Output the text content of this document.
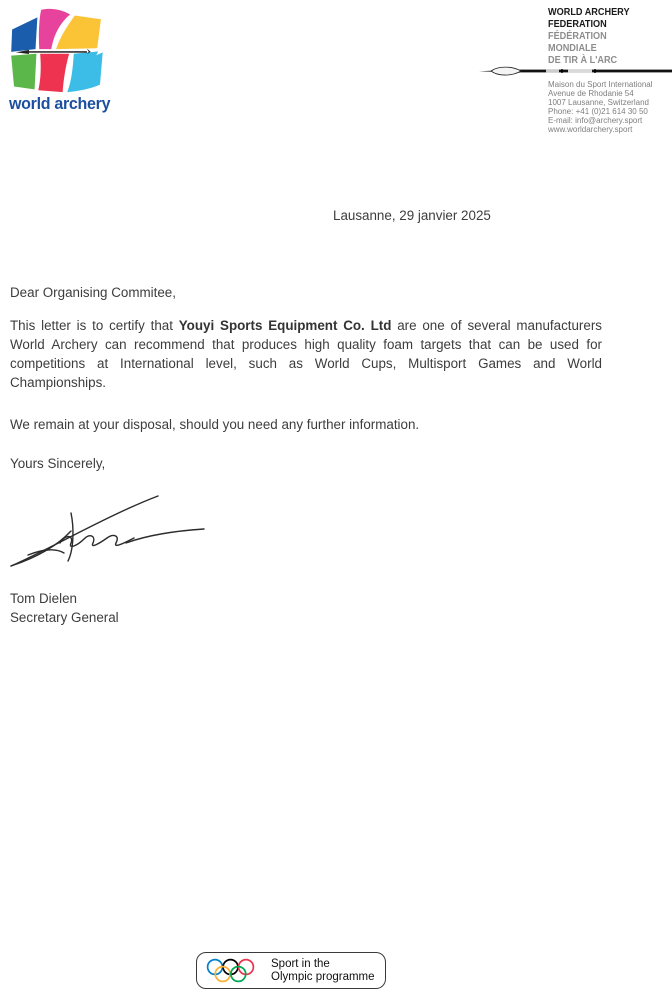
world archery
WORLD ARCHERY
FEDERATION
FÉDÉRATION
MONDIALE
DE TIR À L'ARC
Maison du Sport International
Avenue de Rhodanie 54
1007 Lausanne, Switzerland
Phone: +41 (0)21 614 30 50
E-mail: info@archery.sport
www.worldarchery.sport
Lausanne, 29 janvier 2025
Dear Organising Commitee,

This letter is to certify that Youyi Sports Equipment Co. Ltd are one of several manufacturers World Archery can recommend that produces high quality foam targets that can be used for competitions at International level, such as World Cups, Multisport Games and World Championships.

We remain at your disposal, should you need any further information.
Yours Sincerely,
Tom Dielen
Secretary General
Sport in the
Olympic programme
